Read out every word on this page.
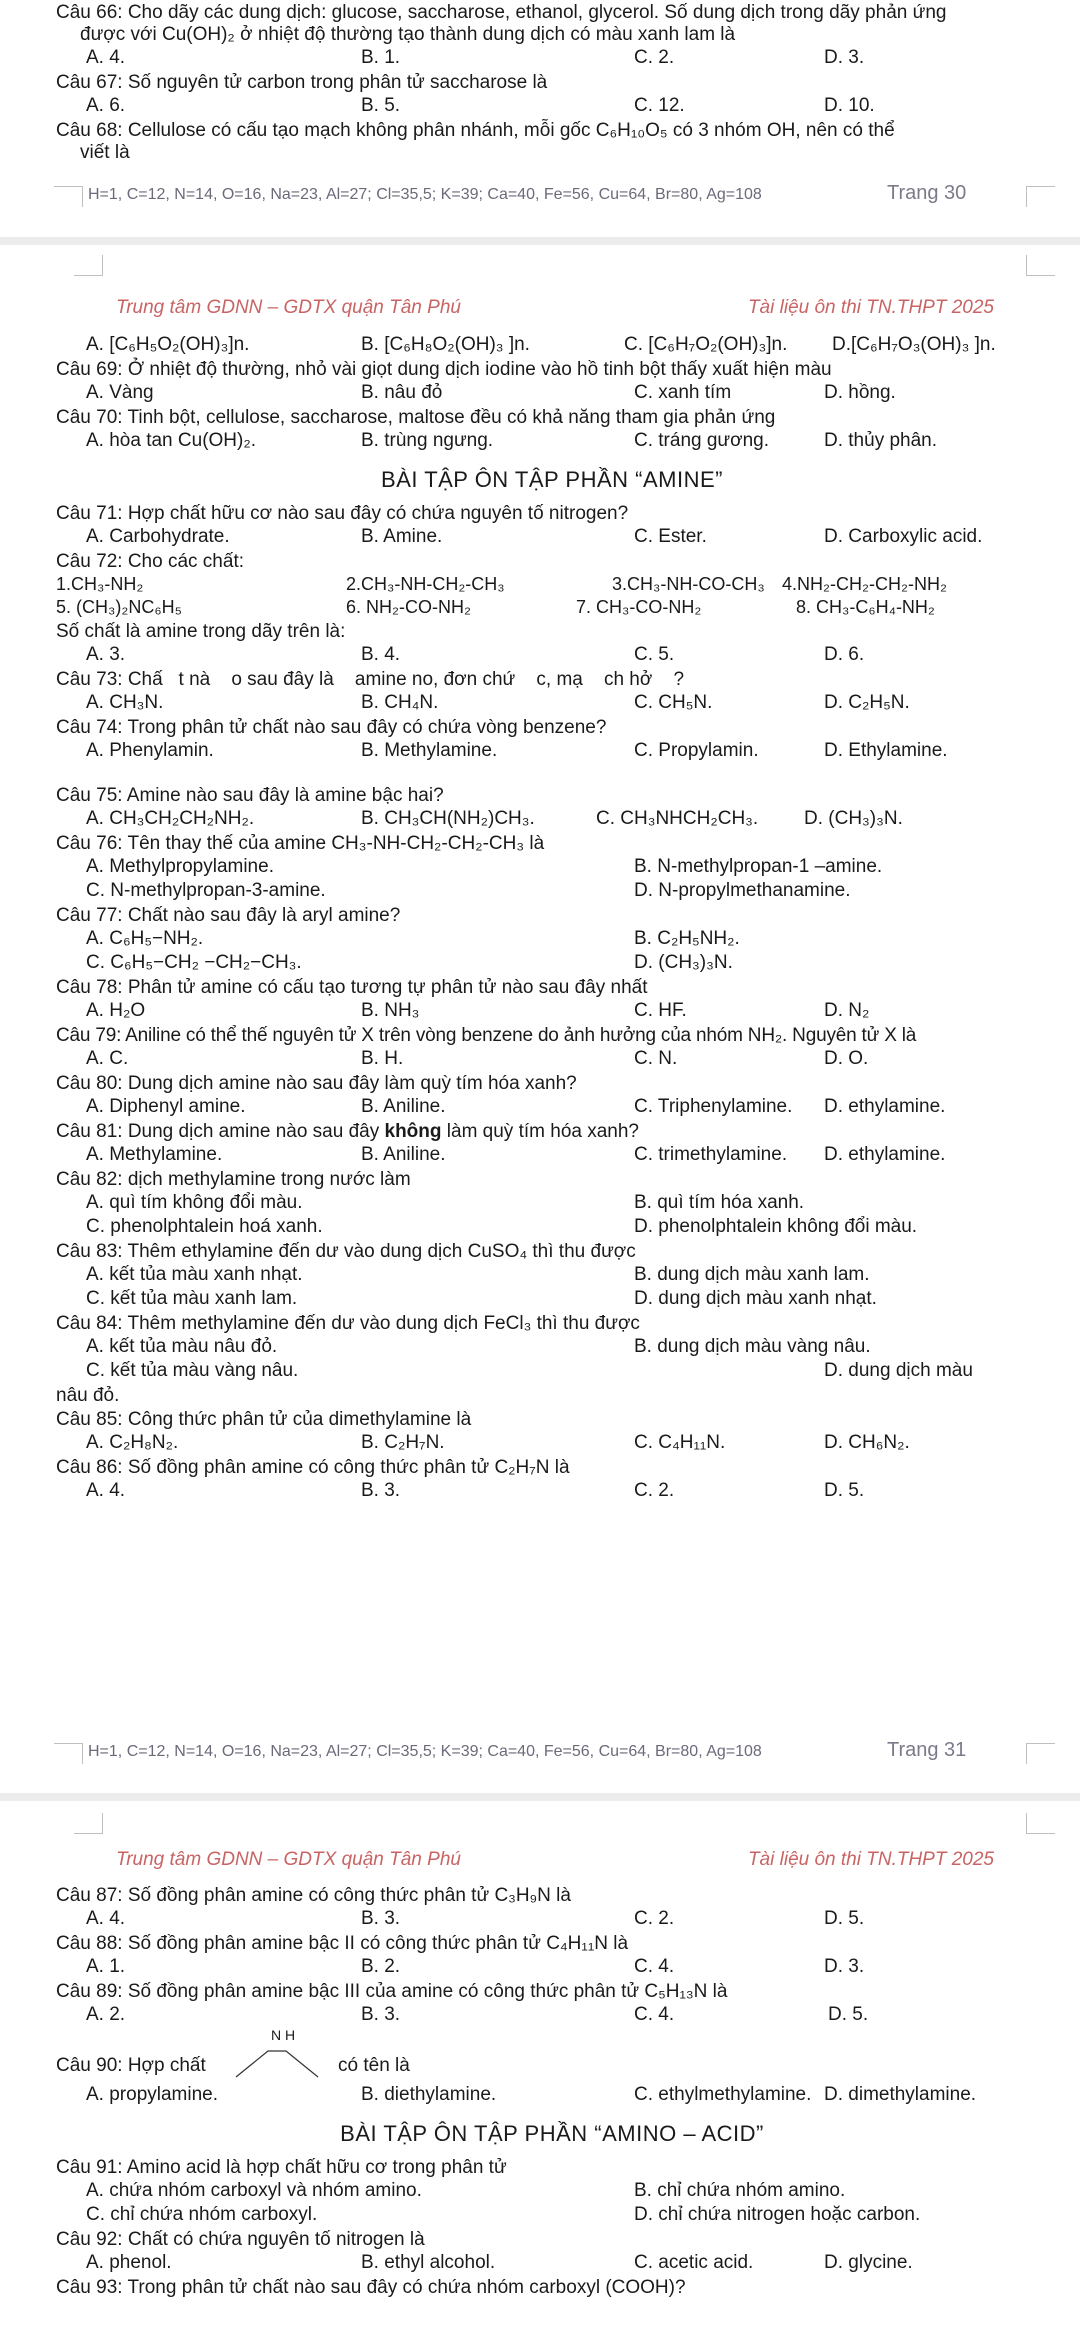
Câu 66: Cho dãy các dung dịch: glucose, saccharose, ethanol, glycerol. Số dung dịch trong dãy phản ứng
được với Cu(OH)₂ ở nhiệt độ thường tạo thành dung dịch có màu xanh lam là
A. 4.	B. 1.	C. 2.	D. 3.
Câu 67: Số nguyên tử carbon trong phân tử saccharose là
A. 6.	B. 5.	C. 12.	D. 10.
Câu 68: Cellulose có cấu tạo mạch không phân nhánh, mỗi gốc C₆H₁₀O₅ có 3 nhóm OH, nên có thể
viết là
H=1, C=12, N=14, O=16, Na=23, Al=27; Cl=35,5; K=39; Ca=40, Fe=56, Cu=64, Br=80, Ag=108	Trang 30
Trung tâm GDNN – GDTX quận Tân Phú	Tài liệu ôn thi TN.THPT 2025
A. [C₆H₅O₂(OH)₃]n.	B. [C₆H₈O₂(OH)₃ ]n.	C. [C₆H₇O₂(OH)₃]n. D.[C₆H₇O₃(OH)₃ ]n.
Câu 69: Ở nhiệt độ thường, nhỏ vài giọt dung dịch iodine vào hồ tinh bột thấy xuất hiện màu
A. Vàng	B. nâu đỏ	C. xanh tím	D. hồng.
Câu 70: Tinh bột, cellulose, saccharose, maltose đều có khả năng tham gia phản ứng
A. hòa tan Cu(OH)₂.	B. trùng ngưng.	C. tráng gương.	D. thủy phân.
BÀI TẬP ÔN TẬP PHẦN “AMINE”
Câu 71: Hợp chất hữu cơ nào sau đây có chứa nguyên tố nitrogen?
A. Carbohydrate.	B. Amine.	C. Ester.	D. Carboxylic acid.
Câu 72: Cho các chất:
1.CH₃-NH₂	2.CH₃-NH-CH₂-CH₃	3.CH₃-NH-CO-CH₃ 4.NH₂-CH₂-CH₂-NH₂
5. (CH₃)₂NC₆H₅	6. NH₂-CO-NH₂	7. CH₃-CO-NH₂	8. CH₃-C₆H₄-NH₂
Số chất là amine trong dãy trên là:
A. 3.	B. 4.	C. 5.	D. 6.
Câu 73: Chấ   t nà    o sau đây là    amine no, đơn chứ    c, mạ    ch hở    ?
A. CH₃N.	B. CH₄N.	C. CH₅N.	D. C₂H₅N.
Câu 74: Trong phân tử chất nào sau đây có chứa vòng benzene?
A. Phenylamin.	B. Methylamine.	C. Propylamin.	D. Ethylamine.
Câu 75: Amine nào sau đây là amine bậc hai?
A. CH₃CH₂CH₂NH₂.	B. CH₃CH(NH₂)CH₃.	C. CH₃NHCH₂CH₃. D. (CH₃)₃N.
Câu 76: Tên thay thế của amine CH₃-NH-CH₂-CH₂-CH₃ là
A. Methylpropylamine.	B. N-methylpropan-1 –amine.
C. N-methylpropan-3-amine.	D. N-propylmethanamine.
Câu 77: Chất nào sau đây là aryl amine?
A. C₆H₅−NH₂.	B. C₂H₅NH₂.
C. C₆H₅−CH₂ −CH₂−CH₃.	D. (CH₃)₃N.
Câu 78: Phân tử amine có cấu tạo tương tự phân tử nào sau đây nhất
A. H₂O	B. NH₃	C. HF.	D. N₂
Câu 79: Aniline có thể thế nguyên tử X trên vòng benzene do ảnh hưởng của nhóm NH₂. Nguyên tử X là
A. C.	B. H.	C. N.	D. O.
Câu 80: Dung dịch amine nào sau đây làm quỳ tím hóa xanh?
A. Diphenyl amine.	B. Aniline.	C. Triphenylamine. D. ethylamine.
Câu 81: Dung dịch amine nào sau đây không làm quỳ tím hóa xanh?
A. Methylamine.	B. Aniline.	C. trimethylamine. D. ethylamine.
Câu 82: dịch methylamine trong nước làm
A. quì tím không đổi màu.	B. quì tím hóa xanh.
C. phenolphtalein hoá xanh.	D. phenolphtalein không đổi màu.
Câu 83: Thêm ethylamine đến dư vào dung dịch CuSO₄ thì thu được
A. kết tủa màu xanh nhạt.	B. dung dịch màu xanh lam.
C. kết tủa màu xanh lam.	D. dung dịch màu xanh nhạt.
Câu 84: Thêm methylamine đến dư vào dung dịch FeCl₃ thì thu được
A. kết tủa màu nâu đỏ.	B. dung dịch màu vàng nâu.
C. kết tủa màu vàng nâu.	D. dung dịch màu
nâu đỏ.
Câu 85: Công thức phân tử của dimethylamine là
A. C₂H₈N₂.	B. C₂H₇N.	C. C₄H₁₁N.	D. CH₆N₂.
Câu 86: Số đồng phân amine có công thức phân tử C₂H₇N là
A. 4.	B. 3.	C. 2.	D. 5.
H=1, C=12, N=14, O=16, Na=23, Al=27; Cl=35,5; K=39; Ca=40, Fe=56, Cu=64, Br=80, Ag=108	Trang 31
Trung tâm GDNN – GDTX quận Tân Phú	Tài liệu ôn thi TN.THPT 2025
Câu 87: Số đồng phân amine có công thức phân tử C₃H₉N là
A. 4.	B. 3.	C. 2.	D. 5.
Câu 88: Số đồng phân amine bậc II có công thức phân tử C₄H₁₁N là
A. 1.	B. 2.	C. 4.	D. 3.
Câu 89: Số đồng phân amine bậc III của amine có công thức phân tử C₅H₁₃N là
A. 2.	B. 3.	C. 4.	D. 5.
Câu 90: Hợp chất
N H
có tên là
A. propylamine.	B. diethylamine.	C. ethylmethylamine. D. dimethylamine.
BÀI TẬP ÔN TẬP PHẦN “AMINO – ACID”
Câu 91: Amino acid là hợp chất hữu cơ trong phân tử
A. chứa nhóm carboxyl và nhóm amino.	B. chỉ chứa nhóm amino.
C. chỉ chứa nhóm carboxyl.	D. chỉ chứa nitrogen hoặc carbon.
Câu 92: Chất có chứa nguyên tố nitrogen là
A. phenol.	B. ethyl alcohol.	C. acetic acid.	D. glycine.
Câu 93: Trong phân tử chất nào sau đây có chứa nhóm carboxyl (COOH)?
